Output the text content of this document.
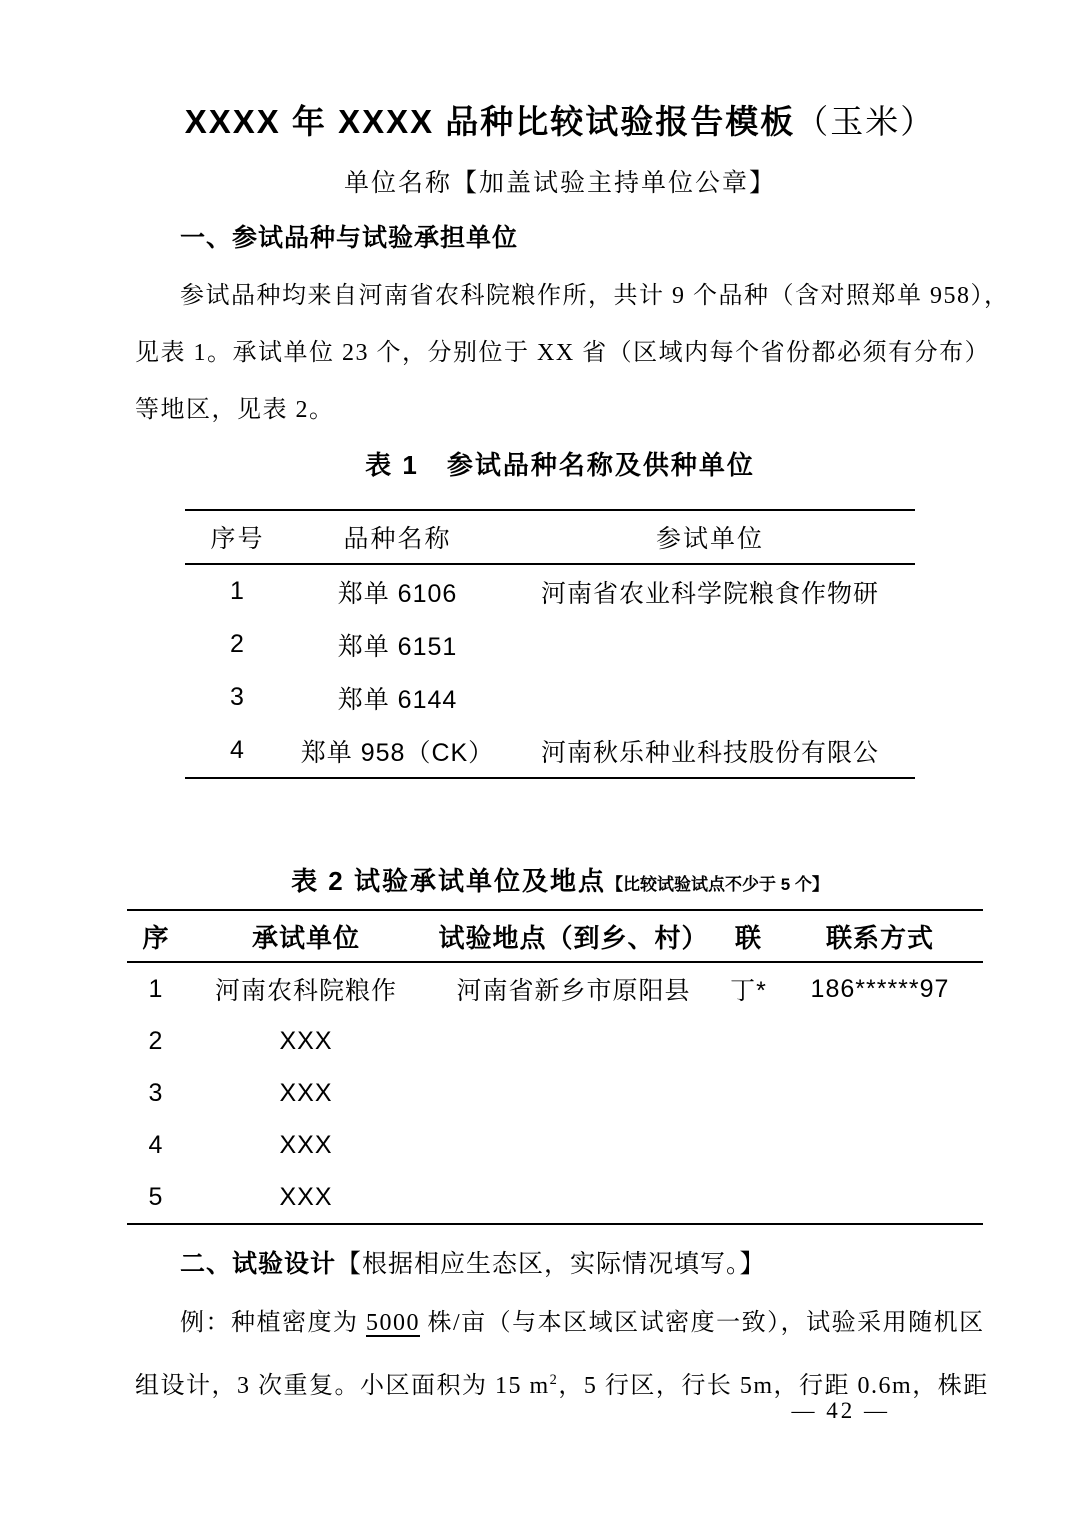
XXXX 年 XXXX 品种比较试验报告模板（玉米）
单位名称【加盖试验主持单位公章】
一、参试品种与试验承担单位
参试品种均来自河南省农科院粮作所，共计 9 个品种（含对照郑单 958），
见表 1。承试单位 23 个，分别位于 XX 省（区域内每个省份都必须有分布）
等地区，见表 2。
表 1　参试品种名称及供种单位
序号	品种名称	参试单位
1	郑单 6106	河南省农业科学院粮食作物研
2	郑单 6151	
3	郑单 6144	
4	郑单 958（CK）	河南秋乐种业科技股份有限公
表 2 试验承试单位及地点【比较试验试点不少于 5 个】
序	承试单位	试验地点（到乡、村）	联	联系方式
1	河南农科院粮作	河南省新乡市原阳县	丁*	186******97
2	XXX			
3	XXX			
4	XXX			
5	XXX			
二、试验设计【根据相应生态区，实际情况填写。】
例：种植密度为 5000 株/亩（与本区域区试密度一致），试验采用随机区
组设计，3 次重复。小区面积为 15 $m^2$，5 行区，行长 5m，行距 0.6m，株距
— 42 —
